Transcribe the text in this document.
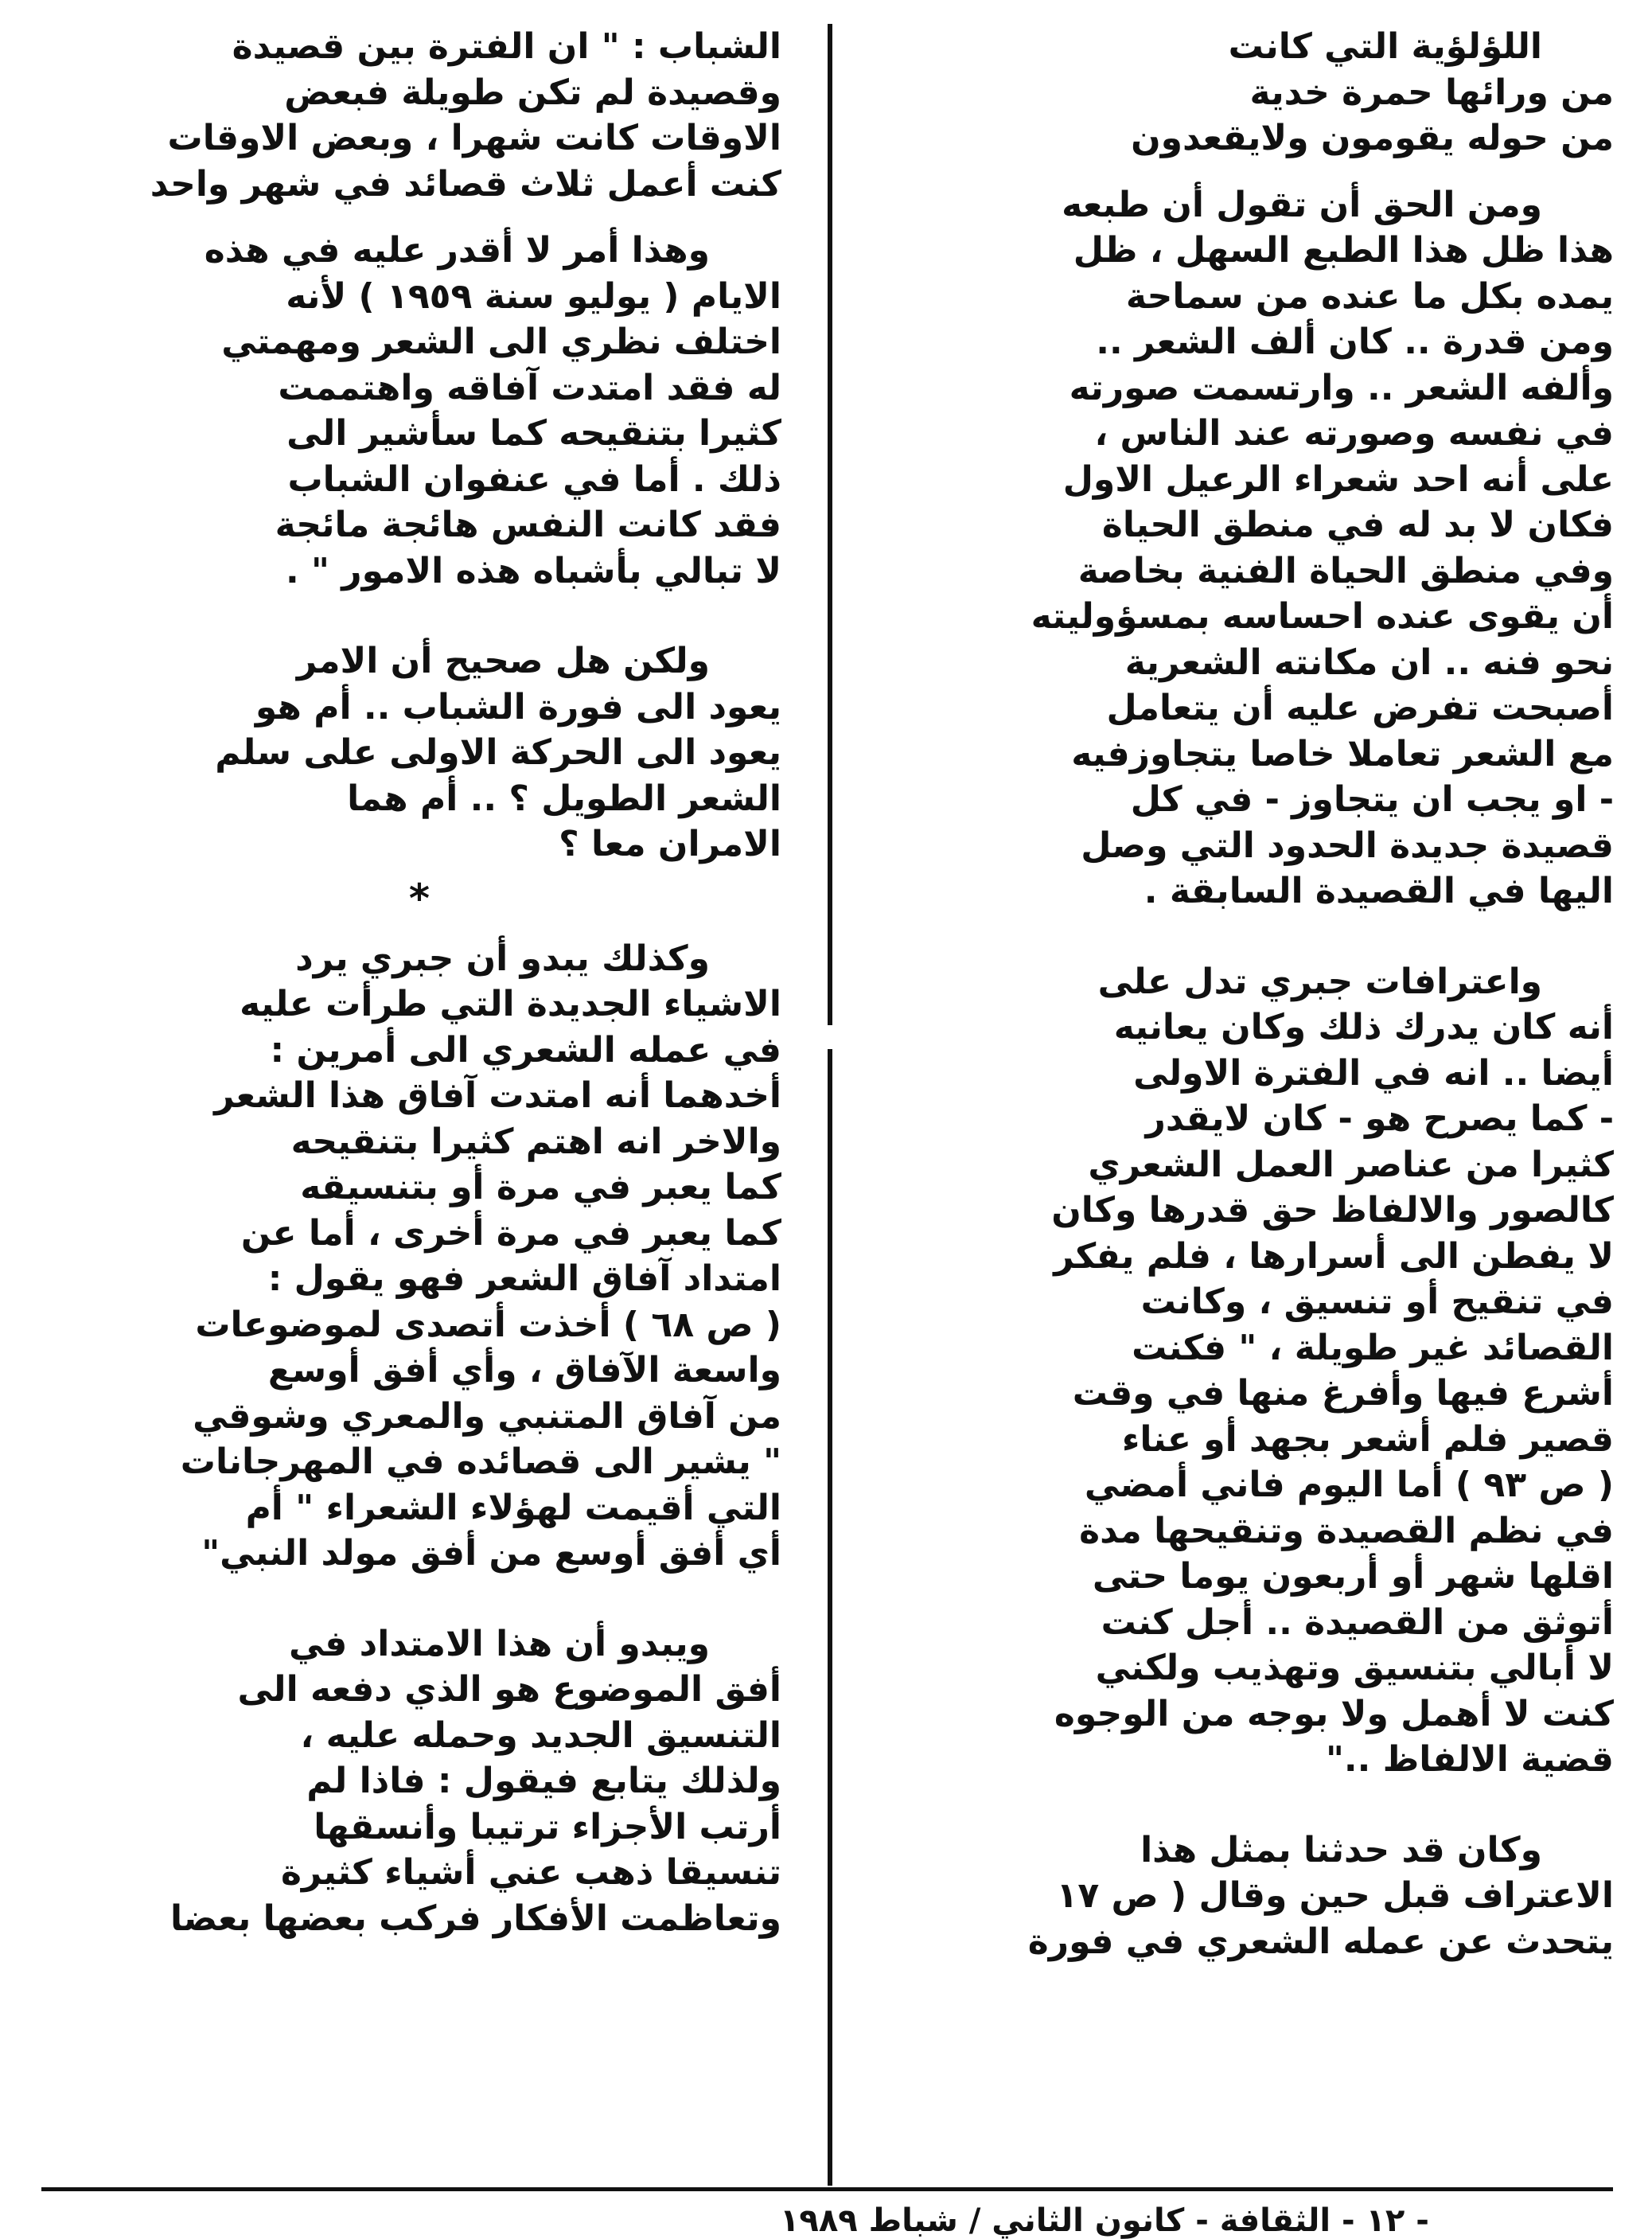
اللؤلؤية التي كانت
من ورائها حمرة خدية
من حوله يقومون ولايقعدون

ومن الحق أن تقول أن طبعه
هذا ظل هذا الطبع السهل ، ظل
يمده بكل ما عنده من سماحة
ومن قدرة .. كان ألف الشعر ..
وألفه الشعر .. وارتسمت صورته
في نفسه وصورته عند الناس ،
على أنه احد شعراء الرعيل الاول
فكان لا بد له في منطق الحياة
وفي منطق الحياة الفنية بخاصة
أن يقوى عنده احساسه بمسؤوليته
نحو فنه .. ان مكانته الشعرية
أصبحت تفرض عليه أن يتعامل
مع الشعر تعاملا خاصا يتجاوزفيه
- او يجب ان يتجاوز - في كل
قصيدة جديدة الحدود التي وصل
اليها في القصيدة السابقة .

واعترافات جبري تدل على
أنه كان يدرك ذلك وكان يعانيه
أيضا .. انه في الفترة الاولى
- كما يصرح هو - كان لايقدر
كثيرا من عناصر العمل الشعري
كالصور والالفاظ حق قدرها وكان
لا يفطن الى أسرارها ، فلم يفكر
في تنقيح أو تنسيق ، وكانت
القصائد غير طويلة ، " فكنت
أشرع فيها وأفرغ منها في وقت
قصير فلم أشعر بجهد أو عناء
( ص ٩٣ ) أما اليوم فاني أمضي
في نظم القصيدة وتنقيحها مدة
اقلها شهر أو أربعون يوما حتى
أتوثق من القصيدة .. أجل كنت
لا أبالي بتنسيق وتهذيب ولكني
كنت لا أهمل ولا بوجه من الوجوه
قضية الالفاظ .."

وكان قد حدثنا بمثل هذا
الاعتراف قبل حين وقال ( ص ١٧
يتحدث عن عمله الشعري في فورة

الشباب : " ان الفترة بين قصيدة
وقصيدة لم تكن طويلة فبعض
الاوقات كانت شهرا ، وبعض الاوقات
كنت أعمل ثلاث قصائد في شهر واحد

وهذا أمر لا أقدر عليه في هذه
الايام ( يوليو سنة ١٩٥٩ ) لأنه
اختلف نظري الى الشعر ومهمتي
له فقد امتدت آفاقه واهتممت
كثيرا بتنقيحه كما سأشير الى
ذلك . أما في عنفوان الشباب
فقد كانت النفس هائجة مائجة
لا تبالي بأشباه هذه الامور " .

ولكن هل صحيح أن الامر
يعود الى فورة الشباب .. أم هو
يعود الى الحركة الاولى على سلم
الشعر الطويل ؟ .. أم هما
الامران معا ؟

*

وكذلك يبدو أن جبري يرد
الاشياء الجديدة التي طرأت عليه
في عمله الشعري الى أمرين :
أخدهما أنه امتدت آفاق هذا الشعر
والاخر انه اهتم كثيرا بتنقيحه
كما يعبر في مرة أو بتنسيقه
كما يعبر في مرة أخرى ، أما عن
امتداد آفاق الشعر فهو يقول :
( ص ٦٨ ) أخذت أتصدى لموضوعات
واسعة الآفاق ، وأي أفق أوسع
من آفاق المتنبي والمعري وشوقي
" يشير الى قصائده في المهرجانات
التي أقيمت لهؤلاء الشعراء " أم
أي أفق أوسع من أفق مولد النبي"

ويبدو أن هذا الامتداد في
أفق الموضوع هو الذي دفعه الى
التنسيق الجديد وحمله عليه ،
ولذلك يتابع فيقول : فاذا لم
أرتب الأجزاء ترتيبا وأنسقها
تنسيقا ذهب عني أشياء كثيرة
وتعاظمت الأفكار فركب بعضها بعضا

- ١٢ - الثقافة - كانون الثاني / شباط ١٩٨٩
